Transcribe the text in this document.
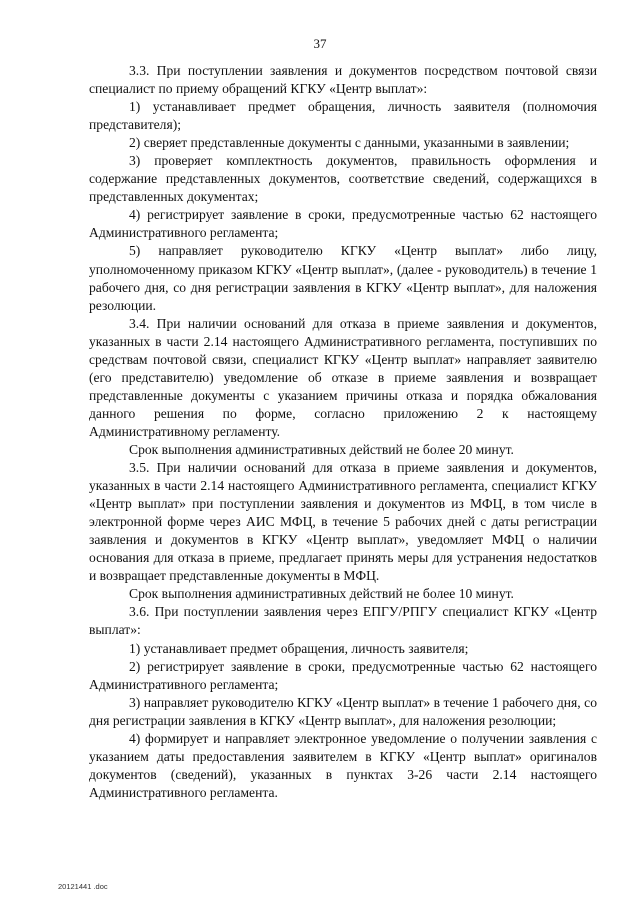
37

3.3. При поступлении заявления и документов посредством почтовой связи специалист по приему обращений КГКУ «Центр выплат»:

1) устанавливает предмет обращения, личность заявителя (полномочия представителя);

2) сверяет представленные документы с данными, указанными в заявлении;

3) проверяет комплектность документов, правильность оформления и содержание представленных документов, соответствие сведений, содержащихся в представленных документах;

4) регистрирует заявление в сроки, предусмотренные частью 62 настоящего Административного регламента;

5) направляет руководителю КГКУ «Центр выплат» либо лицу, уполномоченному приказом КГКУ «Центр выплат», (далее - руководитель) в течение 1 рабочего дня, со дня регистрации заявления в КГКУ «Центр выплат», для наложения резолюции.

3.4. При наличии оснований для отказа в приеме заявления и документов, указанных в части 2.14 настоящего Административного регламента, поступивших по средствам почтовой связи, специалист КГКУ «Центр выплат» направляет заявителю (его представителю) уведомление об отказе в приеме заявления и возвращает представленные документы с указанием причины отказа и порядка обжалования данного решения по форме, согласно приложению 2 к настоящему Административному регламенту.

Срок выполнения административных действий не более 20 минут.

3.5. При наличии оснований для отказа в приеме заявления и документов, указанных в части 2.14 настоящего Административного регламента, специалист КГКУ «Центр выплат» при поступлении заявления и документов из МФЦ, в том числе в электронной форме через АИС МФЦ, в течение 5 рабочих дней с даты регистрации заявления и документов в КГКУ «Центр выплат», уведомляет МФЦ о наличии основания для отказа в приеме, предлагает принять меры для устранения недостатков и возвращает представленные документы в МФЦ.

Срок выполнения административных действий не более 10 минут.

3.6. При поступлении заявления через ЕПГУ/РПГУ специалист КГКУ «Центр выплат»:

1) устанавливает предмет обращения, личность заявителя;

2) регистрирует заявление в сроки, предусмотренные частью 62 настоящего Административного регламента;

3) направляет руководителю КГКУ «Центр выплат» в течение 1 рабочего дня, со дня регистрации заявления в КГКУ «Центр выплат», для наложения резолюции;

4) формирует и направляет электронное уведомление о получении заявления с указанием даты предоставления заявителем в КГКУ «Центр выплат» оригиналов документов (сведений), указанных в пунктах 3-26 части 2.14 настоящего Административного регламента.

20121441 .doc
